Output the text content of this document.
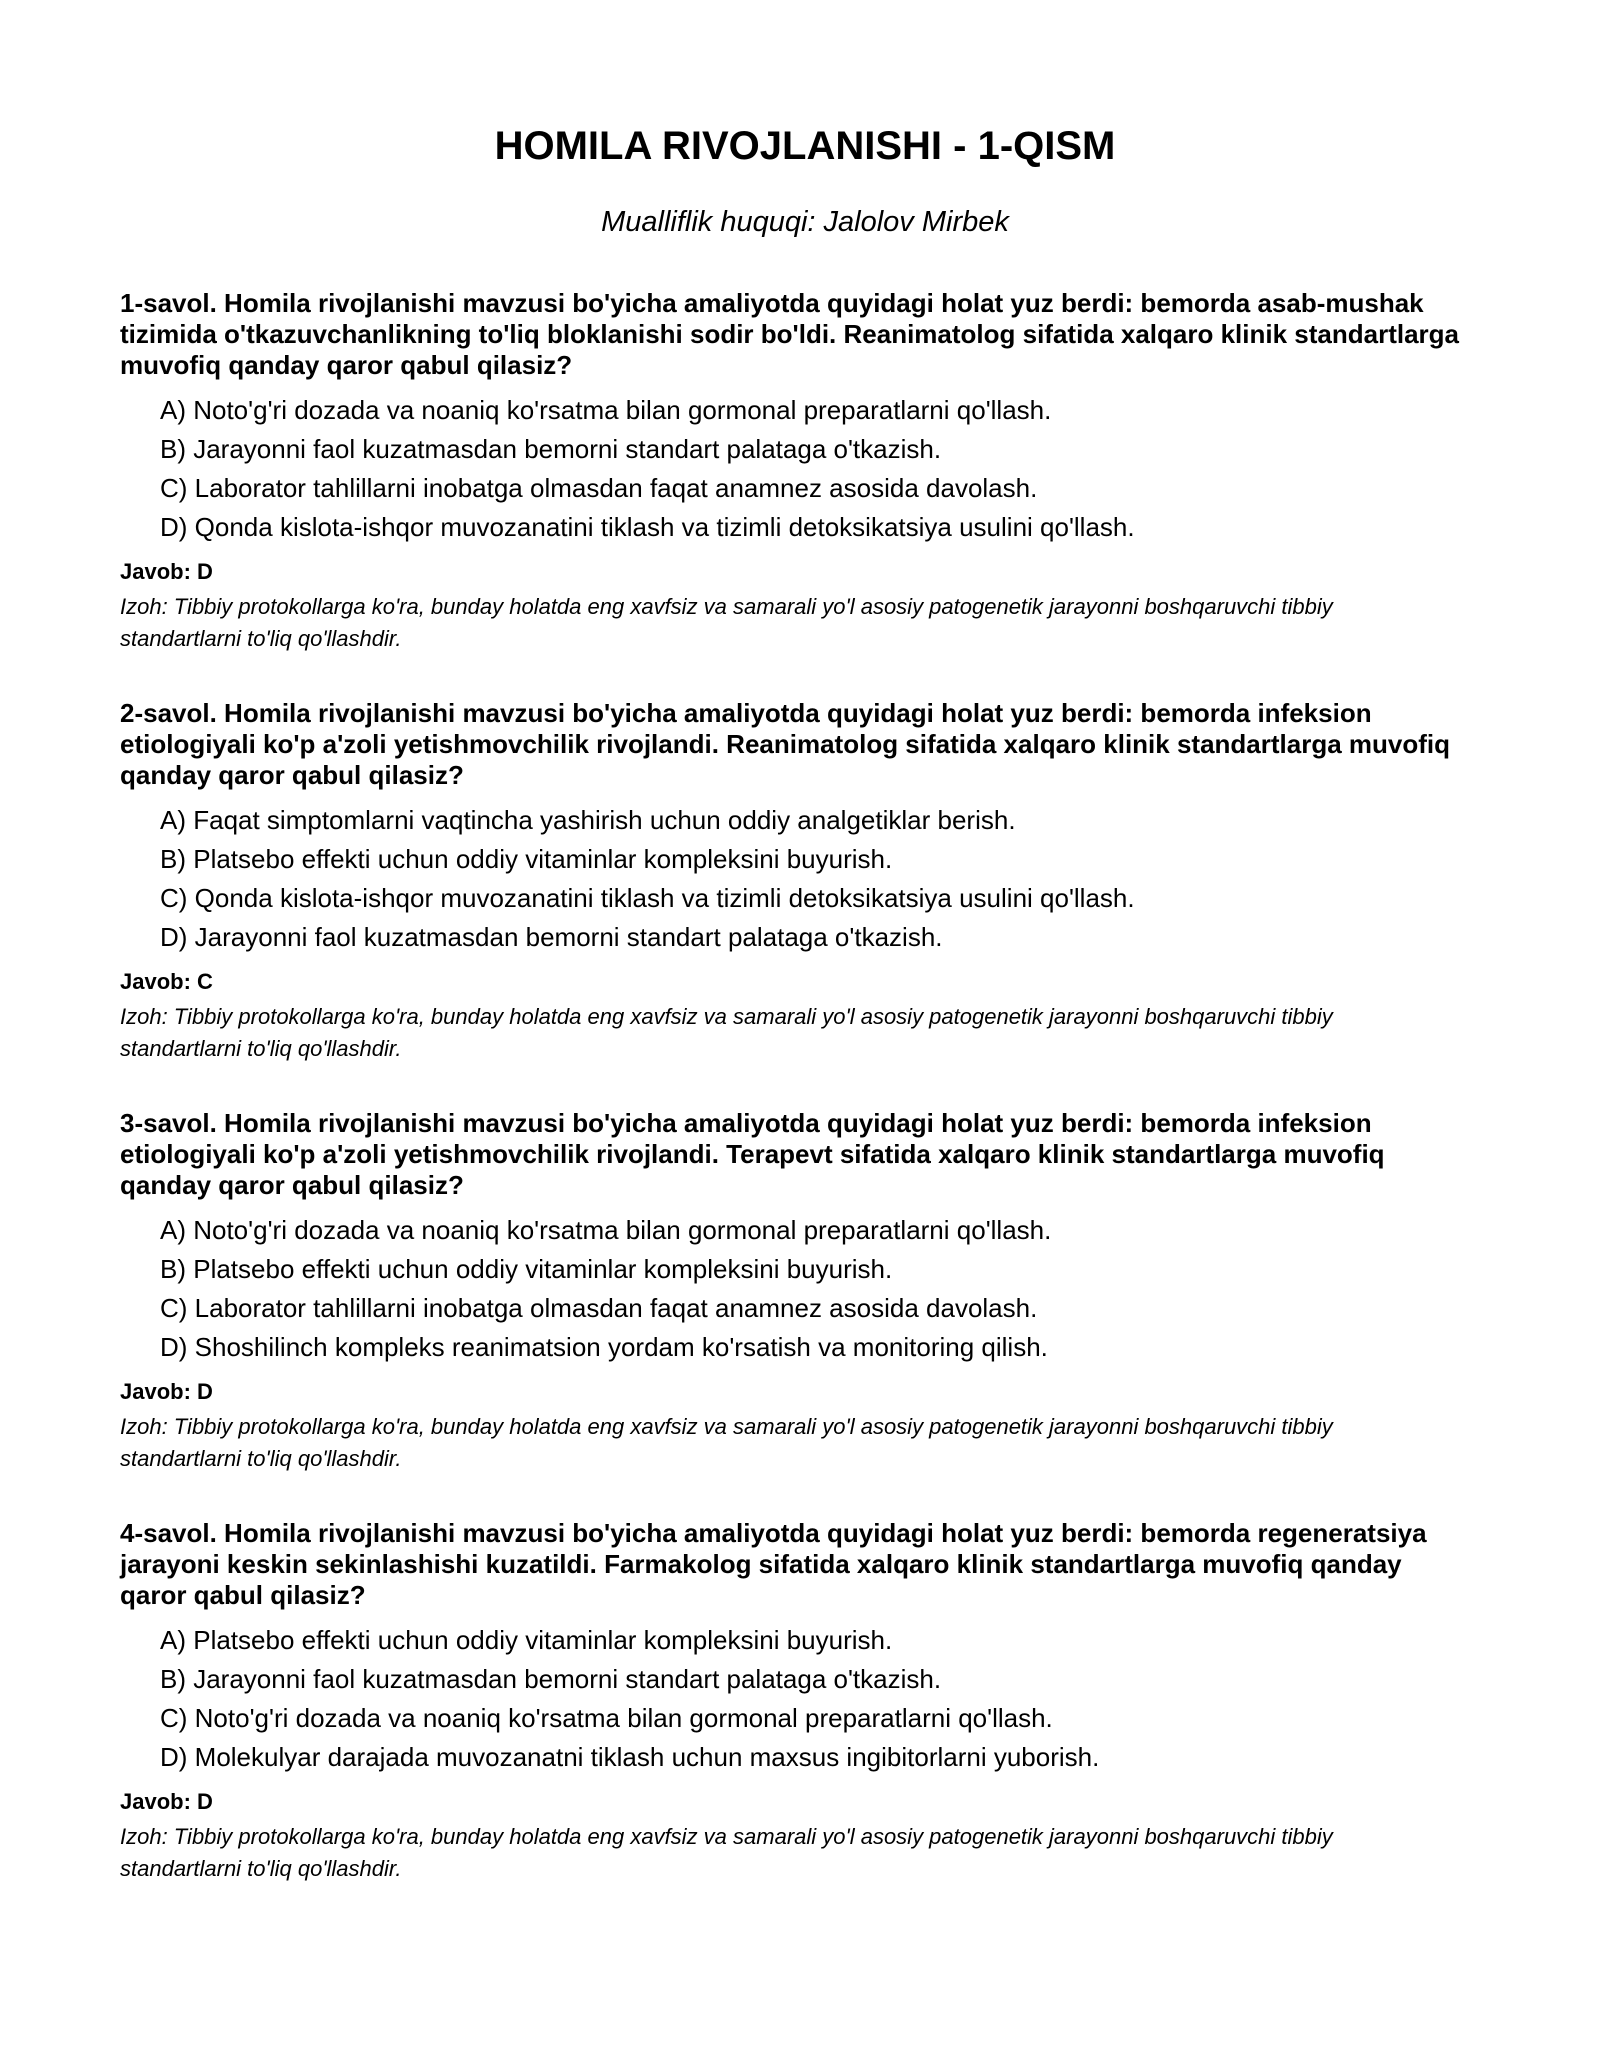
HOMILA RIVOJLANISHI - 1-QISM

Mualliflik huquqi: Jalolov Mirbek

1-savol. Homila rivojlanishi mavzusi bo'yicha amaliyotda quyidagi holat yuz berdi: bemorda asab-mushak tizimida o'tkazuvchanlikning to'liq bloklanishi sodir bo'ldi. Reanimatolog sifatida xalqaro klinik standartlarga muvofiq qanday qaror qabul qilasiz?

A) Noto'g'ri dozada va noaniq ko'rsatma bilan gormonal preparatlarni qo'llash.
B) Jarayonni faol kuzatmasdan bemorni standart palataga o'tkazish.
C) Laborator tahlillarni inobatga olmasdan faqat anamnez asosida davolash.
D) Qonda kislota-ishqor muvozanatini tiklash va tizimli detoksikatsiya usulini qo'llash.

Javob: D

Izoh: Tibbiy protokollarga ko'ra, bunday holatda eng xavfsiz va samarali yo'l asosiy patogenetik jarayonni boshqaruvchi tibbiy standartlarni to'liq qo'llashdir.

2-savol. Homila rivojlanishi mavzusi bo'yicha amaliyotda quyidagi holat yuz berdi: bemorda infeksion etiologiyali ko'p a'zoli yetishmovchilik rivojlandi. Reanimatolog sifatida xalqaro klinik standartlarga muvofiq qanday qaror qabul qilasiz?

A) Faqat simptomlarni vaqtincha yashirish uchun oddiy analgetiklar berish.
B) Platsebo effekti uchun oddiy vitaminlar kompleksini buyurish.
C) Qonda kislota-ishqor muvozanatini tiklash va tizimli detoksikatsiya usulini qo'llash.
D) Jarayonni faol kuzatmasdan bemorni standart palataga o'tkazish.

Javob: C

Izoh: Tibbiy protokollarga ko'ra, bunday holatda eng xavfsiz va samarali yo'l asosiy patogenetik jarayonni boshqaruvchi tibbiy standartlarni to'liq qo'llashdir.

3-savol. Homila rivojlanishi mavzusi bo'yicha amaliyotda quyidagi holat yuz berdi: bemorda infeksion etiologiyali ko'p a'zoli yetishmovchilik rivojlandi. Terapevt sifatida xalqaro klinik standartlarga muvofiq qanday qaror qabul qilasiz?

A) Noto'g'ri dozada va noaniq ko'rsatma bilan gormonal preparatlarni qo'llash.
B) Platsebo effekti uchun oddiy vitaminlar kompleksini buyurish.
C) Laborator tahlillarni inobatga olmasdan faqat anamnez asosida davolash.
D) Shoshilinch kompleks reanimatsion yordam ko'rsatish va monitoring qilish.

Javob: D

Izoh: Tibbiy protokollarga ko'ra, bunday holatda eng xavfsiz va samarali yo'l asosiy patogenetik jarayonni boshqaruvchi tibbiy standartlarni to'liq qo'llashdir.

4-savol. Homila rivojlanishi mavzusi bo'yicha amaliyotda quyidagi holat yuz berdi: bemorda regeneratsiya jarayoni keskin sekinlashishi kuzatildi. Farmakolog sifatida xalqaro klinik standartlarga muvofiq qanday qaror qabul qilasiz?

A) Platsebo effekti uchun oddiy vitaminlar kompleksini buyurish.
B) Jarayonni faol kuzatmasdan bemorni standart palataga o'tkazish.
C) Noto'g'ri dozada va noaniq ko'rsatma bilan gormonal preparatlarni qo'llash.
D) Molekulyar darajada muvozanatni tiklash uchun maxsus ingibitorlarni yuborish.

Javob: D

Izoh: Tibbiy protokollarga ko'ra, bunday holatda eng xavfsiz va samarali yo'l asosiy patogenetik jarayonni boshqaruvchi tibbiy standartlarni to'liq qo'llashdir.
